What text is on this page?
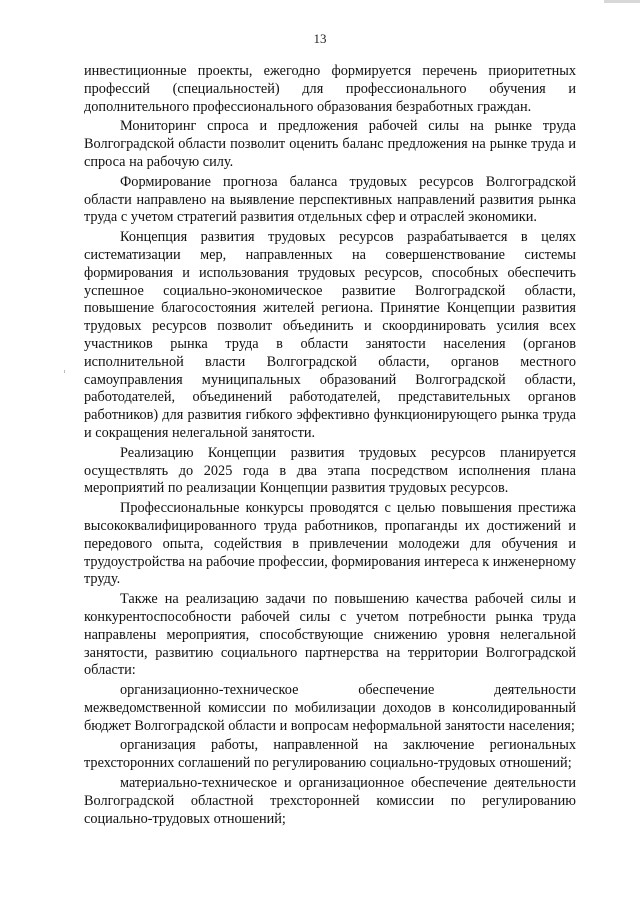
13

инвестиционные проекты, ежегодно формируется перечень приоритетных профессий (специальностей) для профессионального обучения и дополнительного профессионального образования безработных граждан.

Мониторинг спроса и предложения рабочей силы на рынке труда Волгоградской области позволит оценить баланс предложения на рынке труда и спроса на рабочую силу.

Формирование прогноза баланса трудовых ресурсов Волгоградской области направлено на выявление перспективных направлений развития рынка труда с учетом стратегий развития отдельных сфер и отраслей экономики.

Концепция развития трудовых ресурсов разрабатывается в целях систематизации мер, направленных на совершенствование системы формирования и использования трудовых ресурсов, способных обеспечить успешное социально-экономическое развитие Волгоградской области, повышение благосостояния жителей региона. Принятие Концепции развития трудовых ресурсов позволит объединить и скоординировать усилия всех участников рынка труда в области занятости населения (органов исполнительной власти Волгоградской области, органов местного самоуправления муниципальных образований Волгоградской области, работодателей, объединений работодателей, представительных органов работников) для развития гибкого эффективно функционирующего рынка труда и сокращения нелегальной занятости.

Реализацию Концепции развития трудовых ресурсов планируется осуществлять до 2025 года в два этапа посредством исполнения плана мероприятий по реализации Концепции развития трудовых ресурсов.

Профессиональные конкурсы проводятся с целью повышения престижа высококвалифицированного труда работников, пропаганды их достижений и передового опыта, содействия в привлечении молодежи для обучения и трудоустройства на рабочие профессии, формирования интереса к инженерному труду.

Также на реализацию задачи по повышению качества рабочей силы и конкурентоспособности рабочей силы с учетом потребности рынка труда направлены мероприятия, способствующие снижению уровня нелегальной занятости, развитию социального партнерства на территории Волгоградской области:

организационно-техническое обеспечение деятельности межведомственной комиссии по мобилизации доходов в консолидированный бюджет Волгоградской области и вопросам неформальной занятости населения;

организация работы, направленной на заключение региональных трехсторонних соглашений по регулированию социально-трудовых отношений;

материально-техническое и организационное обеспечение деятельности Волгоградской областной трехсторонней комиссии по регулированию социально-трудовых отношений;
